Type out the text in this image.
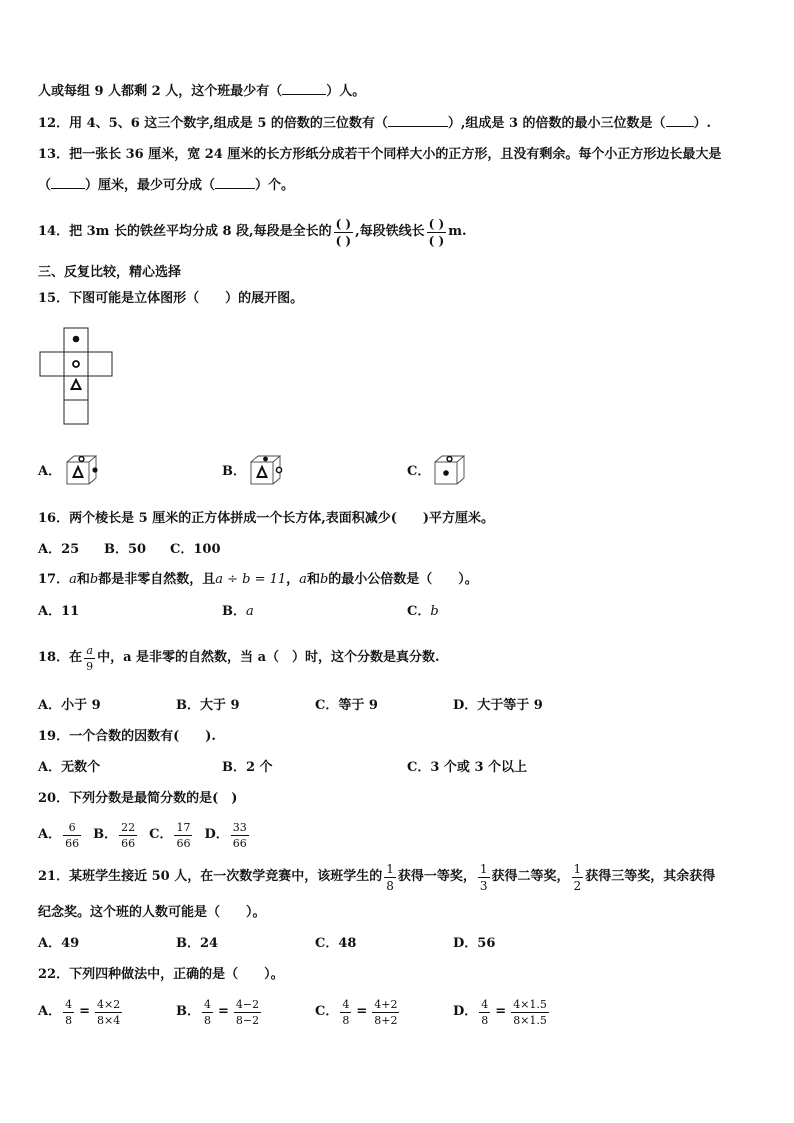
人或每组 9 人都剩 2 人，这个班最少有（	）人。
12．用 4、5、6 这三个数字,组成是 5 的倍数的三位数有（	）,组成是 3 的倍数的最小三位数是（ ）.
13．把一张长 36 厘米，宽 24 厘米的长方形纸分成若干个同样大小的正方形，且没有剩余。每个小正方形边长最大是
（	）厘米，最少可分成（	）个。
14．把 3m 长的铁丝平均分成 8 段,每段是全长的 $\frac{( )}{( )}$ ,每段铁线长 $\frac{( )}{( )} m$.
三、反复比较，精心选择
15．下图可能是立体图形（　　）的展开图。
A．	B．	C．
16．两个棱长是 5 厘米的正方体拼成一个长方体,表面积减少(　　)平方厘米。
A．25 B．50 C．100
17．a和b都是非零自然数，且a ÷ b = 11，a和b的最小公倍数是（　　）。
A．11	B．a	C．b
18．在 $\frac{a}{9}$ 中，a 是非零的自然数，当 a（　）时，这个分数是真分数.
A．小于 9	B．大于 9	C．等于 9	D．大于等于 9
19．一个合数的因数有(　　).
A．无数个	B．2 个	C．3 个或 3 个以上
20．下列分数是最简分数的是(　)
A． $\frac{6}{66}$ B． $\frac{22}{66}$ C． $\frac{17}{66}$ D． $\frac{33}{66}$
21．某班学生接近 50 人，在一次数学竞赛中，该班学生的 $\frac{1}{8}$ 获得一等奖， $\frac{1}{3}$ 获得二等奖， $\frac{1}{2}$ 获得三等奖，其余获得
纪念奖。这个班的人数可能是（　　）。
A．49	B．24	C．48	D．56
22．下列四种做法中，正确的是（　　）。
A． $\frac{4}{8} = \frac{4\times 2}{8\times 4}$	B． $\frac{4}{8} = \frac{4-2}{8-2}$	C． $\frac{4}{8} = \frac{4+2}{8+2}$	D． $\frac{4}{8} = \frac{4\times 1.5}{8\times 1.5}$
